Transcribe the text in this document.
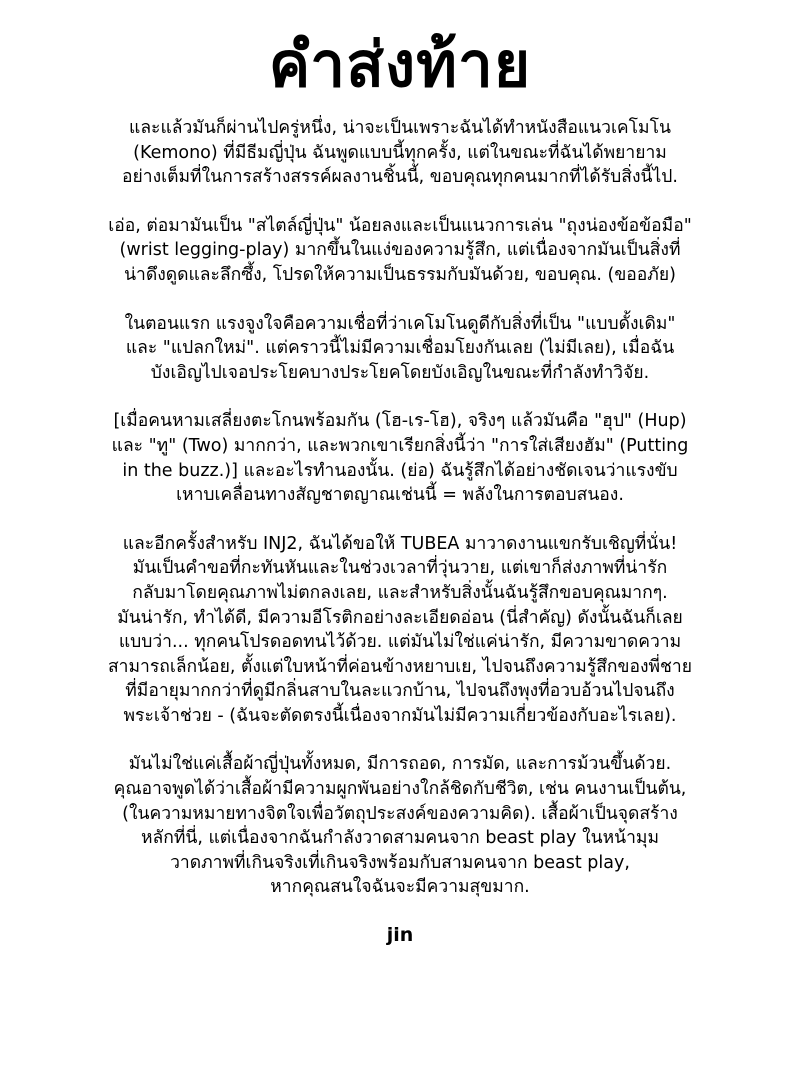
คำส่งท้าย

และแล้วมันก็ผ่านไปครู่หนึ่ง, น่าจะเป็นเพราะฉันได้ทำหนังสือแนวเคโมโน
(Kemono) ที่มีธีมญี่ปุ่น ฉันพูดแบบนี้ทุกครั้ง, แต่ในขณะที่ฉันได้พยายาม
อย่างเต็มที่ในการสร้างสรรค์ผลงานชิ้นนี้, ขอบคุณทุกคนมากที่ได้รับสิ่งนี้ไป.

เอ่อ, ต่อมามันเป็น "สไตล์ญี่ปุ่น" น้อยลงและเป็นแนวการเล่น "ถุงน่องข้อข้อมือ"
(wrist legging-play) มากขึ้นในแง่ของความรู้สึก, แต่เนื่องจากมันเป็นสิ่งที่
น่าดึงดูดและลึกซึ้ง, โปรดให้ความเป็นธรรมกับมันด้วย, ขอบคุณ. (ขออภัย)

ในตอนแรก แรงจูงใจคือความเชื่อที่ว่าเคโมโนดูดีกับสิ่งที่เป็น "แบบดั้งเดิม"
และ "แปลกใหม่". แต่คราวนี้ไม่มีความเชื่อมโยงกันเลย (ไม่มีเลย), เมื่อฉัน
บังเอิญไปเจอประโยคบางประโยคโดยบังเอิญในขณะที่กำลังทำวิจัย.

[เมื่อคนหามเสลี่ยงตะโกนพร้อมกัน (โฮ-เร-โฮ), จริงๆ แล้วมันคือ "ฮุป" (Hup)
และ "ทู" (Two) มากกว่า, และพวกเขาเรียกสิ่งนี้ว่า "การใส่เสียงฮัม" (Putting
in the buzz.)] และอะไรทำนองนั้น. (ย่อ) ฉันรู้สึกได้อย่างชัดเจนว่าแรงขับ
เหาบเคลื่อนทางสัญชาตญาณเช่นนี้ = พลังในการตอบสนอง.

และอีกครั้งสำหรับ INJ2, ฉันได้ขอให้ TUBEA มาวาดงานแขกรับเชิญที่นั่น!
มันเป็นคำขอที่กะทันหันและในช่วงเวลาที่วุ่นวาย, แต่เขาก็ส่งภาพที่น่ารัก
กลับมาโดยคุณภาพไม่ตกลงเลย, และสำหรับสิ่งนั้นฉันรู้สึกขอบคุณมากๆ.
มันน่ารัก, ทำได้ดี, มีความอีโรติกอย่างละเอียดอ่อน (นี่สำคัญ) ดังนั้นฉันก็เลย
แบบว่า... ทุกคนโปรดอดทนไว้ด้วย. แต่มันไม่ใช่แค่น่ารัก, มีความขาดความ
สามารถเล็กน้อย, ตั้งแต่ใบหน้าที่ค่อนข้างหยาบเย, ไปจนถึงความรู้สึกของพี่ชาย
ที่มีอายุมากกว่าที่ดูมีกลิ่นสาบในละแวกบ้าน, ไปจนถึงพุงที่อวบอ้วนไปจนถึง
พระเจ้าช่วย - (ฉันจะตัดตรงนี้เนื่องจากมันไม่มีความเกี่ยวข้องกับอะไรเลย).

มันไม่ใช่แค่เสื้อผ้าญี่ปุ่นทั้งหมด, มีการถอด, การมัด, และการม้วนขึ้นด้วย.
คุณอาจพูดได้ว่าเสื้อผ้ามีความผูกพันอย่างใกล้ชิดกับชีวิต, เช่น คนงานเป็นต้น,
(ในความหมายทางจิตใจเพื่อวัตถุประสงค์ของความคิด). เสื้อผ้าเป็นจุดสร้าง
หลักที่นี่, แต่เนื่องจากฉันกำลังวาดสามคนจาก beast play ในหน้ามุม
วาดภาพที่เกินจริงเที่เกินจริงพร้อมกับสามคนจาก beast play,
หากคุณสนใจฉันจะมีความสุขมาก.

jin
